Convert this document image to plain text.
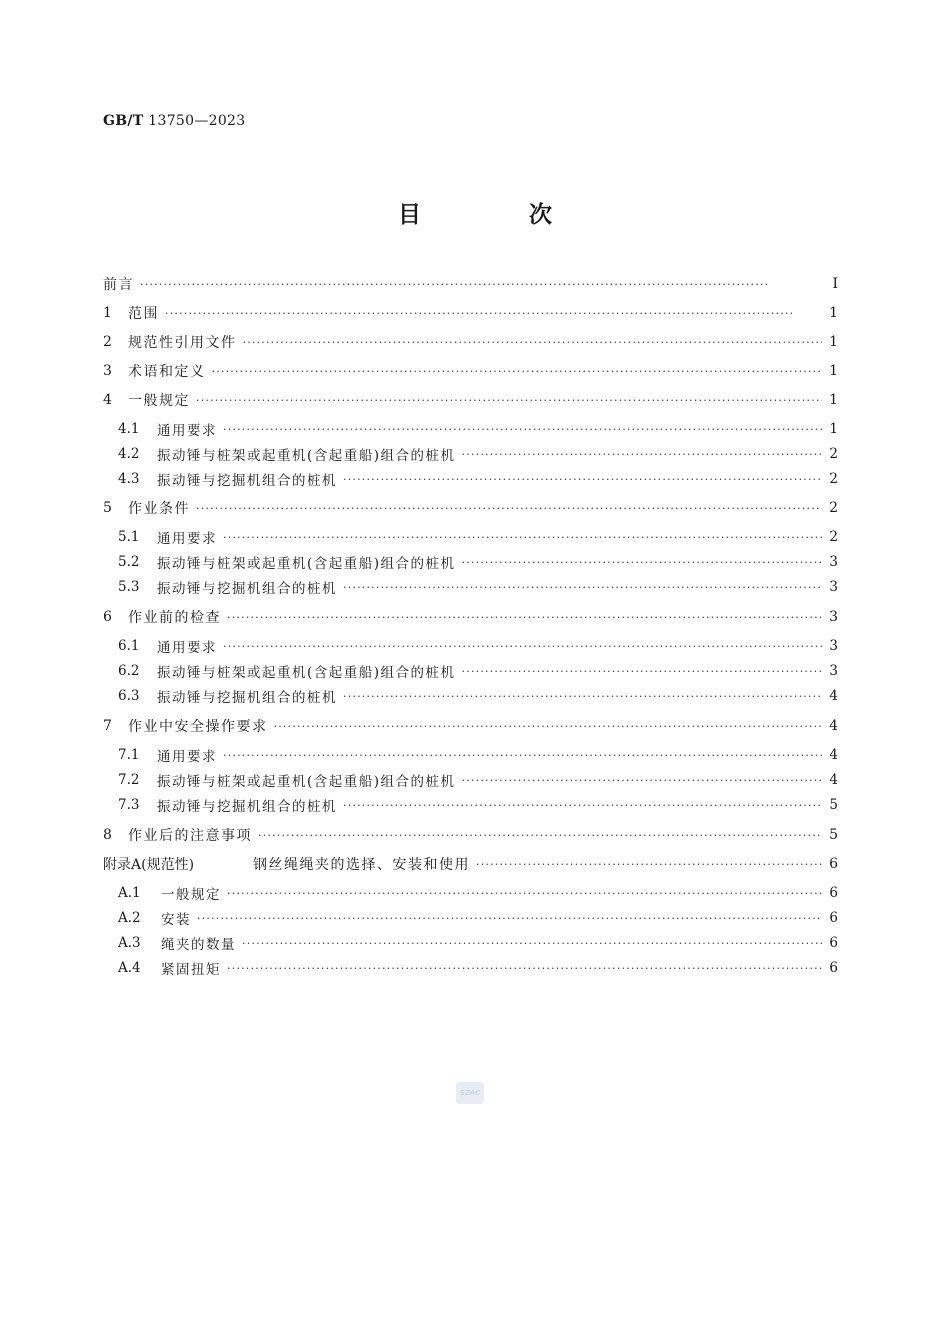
GB/T 13750—2023
目 次
前言 ·····	Ⅰ
1	范围 ·····	1
2	规范性引用文件 ·····	1
3	术语和定义 ·····	1
4	一般规定 ·····	1
4.1	通用要求 ·····	1
4.2	振动锤与桩架或起重机(含起重船)组合的桩机 ·····	2
4.3	振动锤与挖掘机组合的桩机 ·····	2
5	作业条件 ·····	2
5.1	通用要求 ·····	2
5.2	振动锤与桩架或起重机(含起重船)组合的桩机 ·····	3
5.3	振动锤与挖掘机组合的桩机 ·····	3
6	作业前的检查 ·····	3
6.1	通用要求 ·····	3
6.2	振动锤与桩架或起重机(含起重船)组合的桩机 ·····	3
6.3	振动锤与挖掘机组合的桩机 ·····	4
7	作业中安全操作要求 ·····	4
7.1	通用要求 ·····	4
7.2	振动锤与桩架或起重机(含起重船)组合的桩机 ·····	4
7.3	振动锤与挖掘机组合的桩机 ·····	5
8	作业后的注意事项 ·····	5
附录A(规范性)	钢丝绳绳夹的选择、安装和使用 ·····	6
A.1	一般规定 ·····	6
A.2	安装 ·····	6
A.3	绳夹的数量 ·····	6
A.4	紧固扭矩 ·····	6
SZAC
